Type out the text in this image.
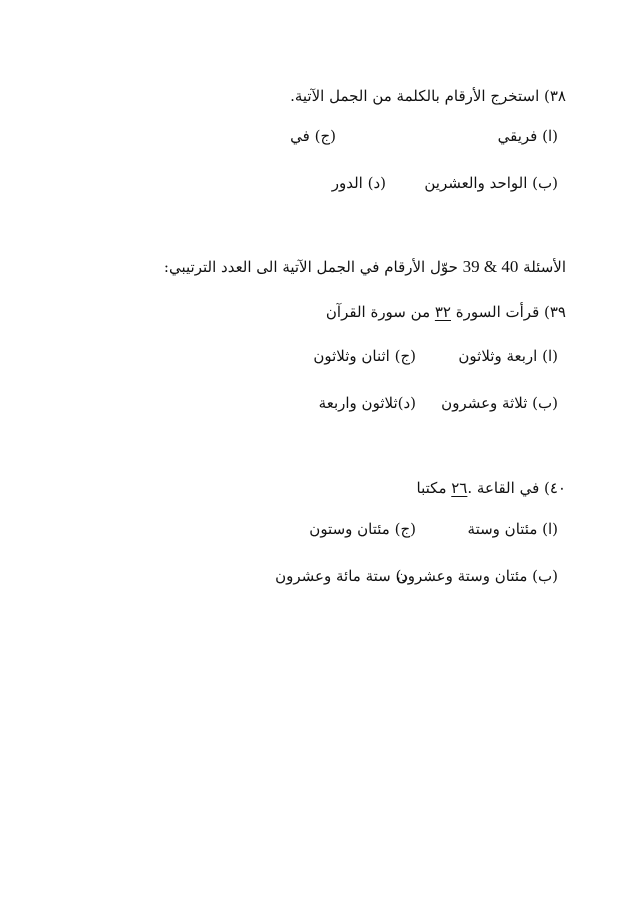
٣٨) استخرج الأرقام بالكلمة من الجمل الآتية.
(ا) فريقي
(ج) في
(ب) الواحد والعشرين
(د) الدور
الأسئلة 39 & 40 حوّل الأرقام في الجمل الآتية الى العدد الترتيبي:
٣٩) قرأت السورة ٣٢ من سورة القرآن
(ا) اربعة وثلاثون
(ج) اثنان وثلاثون
(ب) ثلاثة وعشرون
(د)ثلاثون واربعة
٤٠) في القاعة .٢٦ مكتبا
(ا) مئتان وستة
(ج) مئتان وستون
(ب) مئتان وستة وعشرون
د) ستة مائة وعشرون
